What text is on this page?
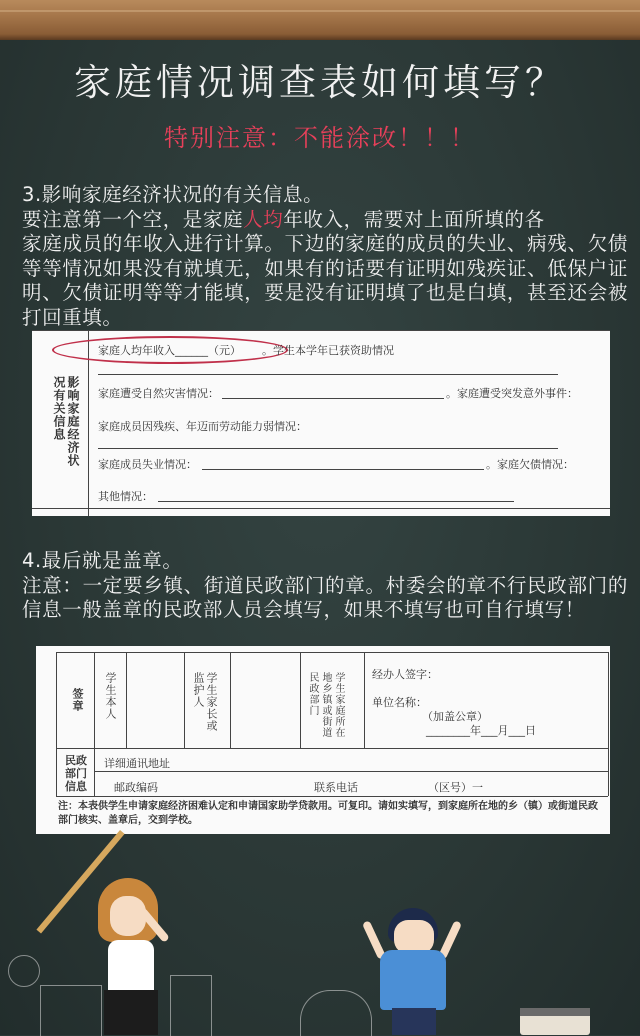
家庭情况调查表如何填写？
特别注意：不能涂改！！！
3.影响家庭经济状况的有关信息。
要注意第一个空，是家庭人均年收入，需要对上面所填的各
家庭成员的年收入进行计算。下边的家庭的成员的失业、病残、欠债等等情况如果没有就填无，如果有的话要有证明如残疾证、低保户证明、欠债证明等等才能填，要是没有证明填了也是白填，甚至还会被打回重填。
影响家庭经济状况有关信息
家庭人均年收入______（元） 。学生本学年已获资助情况
家庭遭受自然灾害情况：	。家庭遭受突发意外事件：
家庭成员因残疾、年迈而劳动能力弱情况：
家庭成员失业情况：	。家庭欠债情况：
其他情况：
4.最后就是盖章。
注意：一定要乡镇、街道民政部门的章。村委会的章不行民政部门的信息一般盖章的民政部人员会填写，如果不填写也可自行填写！
签章 学生本人	学生家长或监护人	学生家庭所在地乡镇或街道民政部门	经办人签字：
单位名称：
（加盖公章）
________年___月___日
民政部门信息
详细通讯地址
邮政编码	联系电话	（区号）一
注：本表供学生申请家庭经济困难认定和申请国家助学贷款用。可复印。请如实填写，到家庭所在地的乡（镇）或街道民政部门核实、盖章后，交到学校。
